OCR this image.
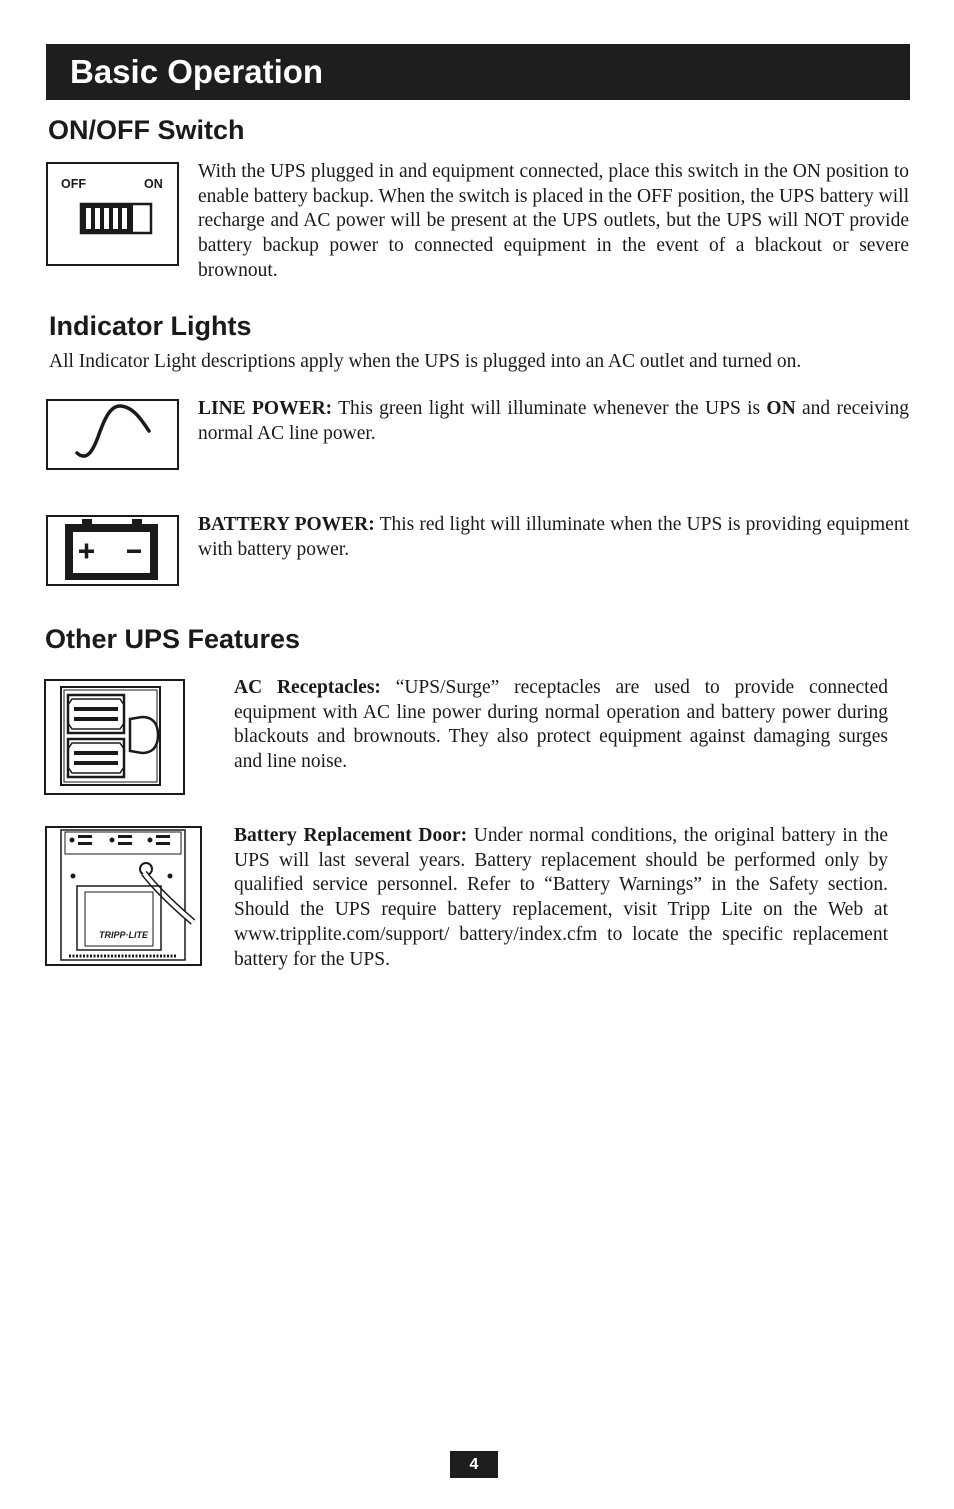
Basic Operation
ON/OFF Switch
OFF	ON

With the UPS plugged in and equipment connected, place this switch in the ON position to enable battery backup. When the switch is placed in the OFF position, the UPS battery will recharge and AC power will be present at the UPS outlets, but the UPS will NOT provide battery backup power to connected equipment in the event of a blackout or severe brownout.

Indicator Lights

All Indicator Light descriptions apply when the UPS is plugged into an AC outlet and turned on.

LINE POWER: This green light will illuminate whenever the UPS is ON and receiving normal AC line power.

BATTERY POWER: This red light will illuminate when the UPS is providing equipment with battery power.

Other UPS Features

AC Receptacles: “UPS/Surge” receptacles are used to provide connected equipment with AC line power during normal operation and battery power during blackouts and brownouts. They also protect equipment against damaging surges and line noise.

TRIPP·LITE

Battery Replacement Door: Under normal conditions, the original battery in the UPS will last several years. Battery replacement should be performed only by qualified service personnel. Refer to “Battery Warnings” in the Safety section. Should the UPS require battery replacement, visit Tripp Lite on the Web at www.tripplite.com/support/ battery/index.cfm to locate the specific replacement battery for the UPS.

4
